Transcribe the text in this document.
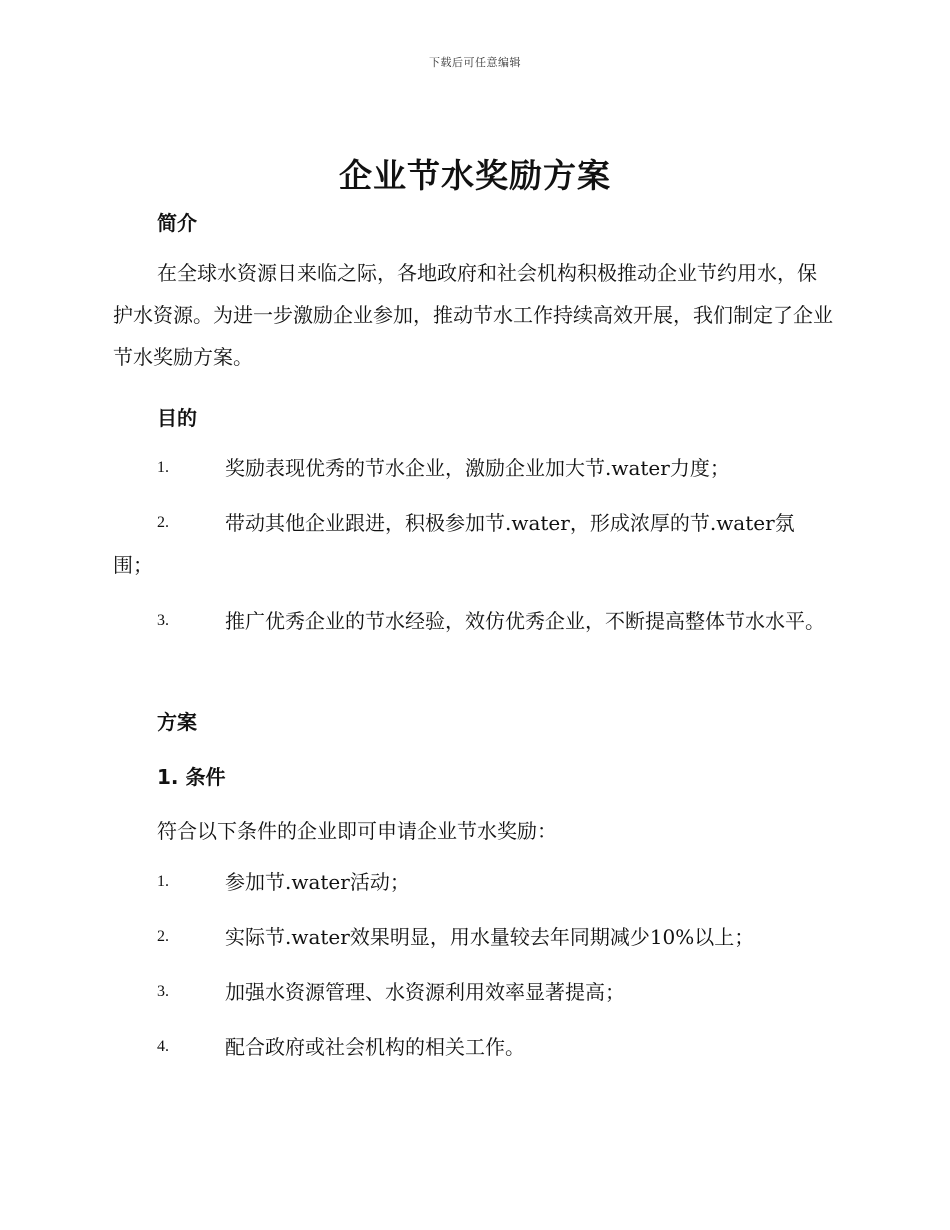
下载后可任意编辑
企业节水奖励方案
简介

在全球水资源日来临之际，各地政府和社会机构积极推动企业节约用水，保护水资源。为进一步激励企业参加，推动节水工作持续高效开展，我们制定了企业节水奖励方案。

目的
1.	奖励表现优秀的节水企业，激励企业加大节.water力度；
2.	带动其他企业跟进，积极参加节.water，形成浓厚的节.water氛围；
3.	推广优秀企业的节水经验，效仿优秀企业，不断提高整体节水水平。
方案
1. 条件

符合以下条件的企业即可申请企业节水奖励：

1.	参加节.water活动；
2.	实际节.water效果明显，用水量较去年同期减少10%以上；
3.	加强水资源管理、水资源利用效率显著提高；
4.	配合政府或社会机构的相关工作。
